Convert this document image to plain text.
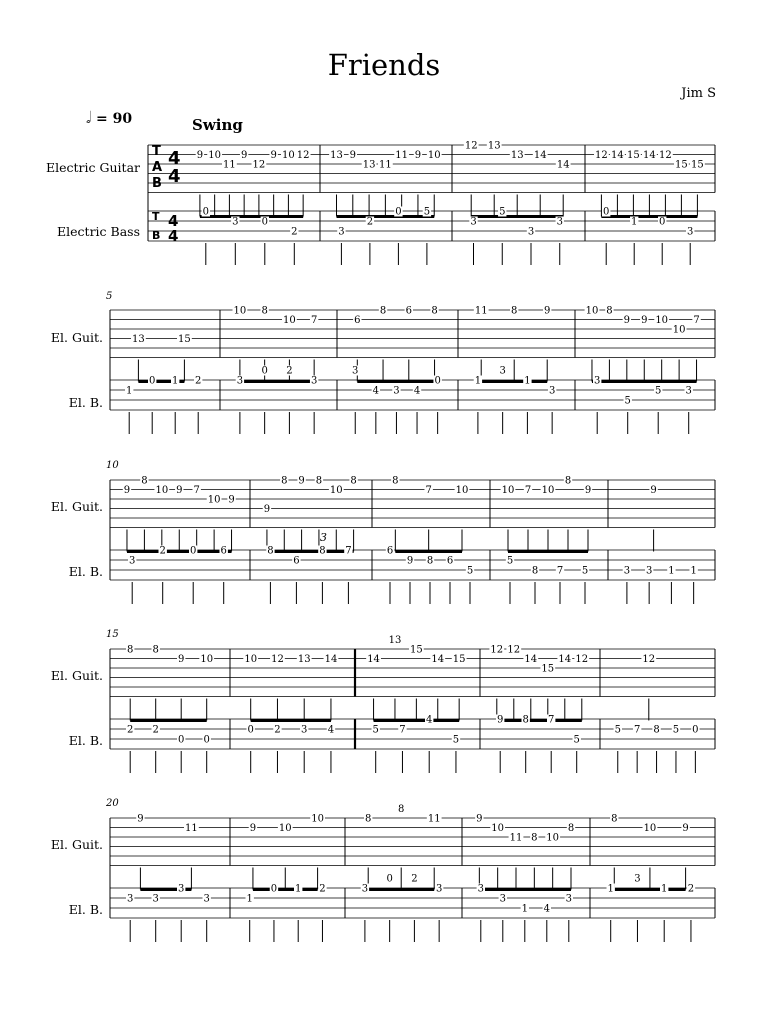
Friends
Jim S
𝅗𝅥 = 90	Swing
Electric Guitar
Electric Bass
El. Guit.
El. B.
El. Guit.
El. B.
El. Guit.
El. B.
El. Guit.
El. B.
5
10
15
20
T
A
B
4
4
T
B
4
4
9 10
11
9
12
9 10 12 13 9
13 11
11 9 10
12 13
13 14
14
12 14 15 14 12
15 15
0
3 0
2	3
2
0 5
3
5
3
3
0
1 0
3
13	15
10 8
10 7	6
8 6 8	11 8	9	10 8
9 9 10
10
7
1
0 1 2	3
0 2
3
3
4 3 4
0	1
3
1
3
3
5
5 3
9
8
10 9 7
10 9
9
8 9 8
10
8	8
7 10	10 7 10
8
9	9
3
2 0 6	8
6
8 7	6
9 8 6
5
5
8 7 5	3 3 1 1
8 8
9 10	10 12 13 14	14
13
15
14 15
12 12
14
15
14 12	12
2 2
0 0
0 2 3 4	5 7
4
5
9 8 7
5
5 7 8 5 0
9
11	9 10
10	8
8
11	9
10
11 8 10
8
8
10	9
3 3
3
3	1
0 1 2	3
0 2
3	3
3
1 4
3
1
3
1 2
3
